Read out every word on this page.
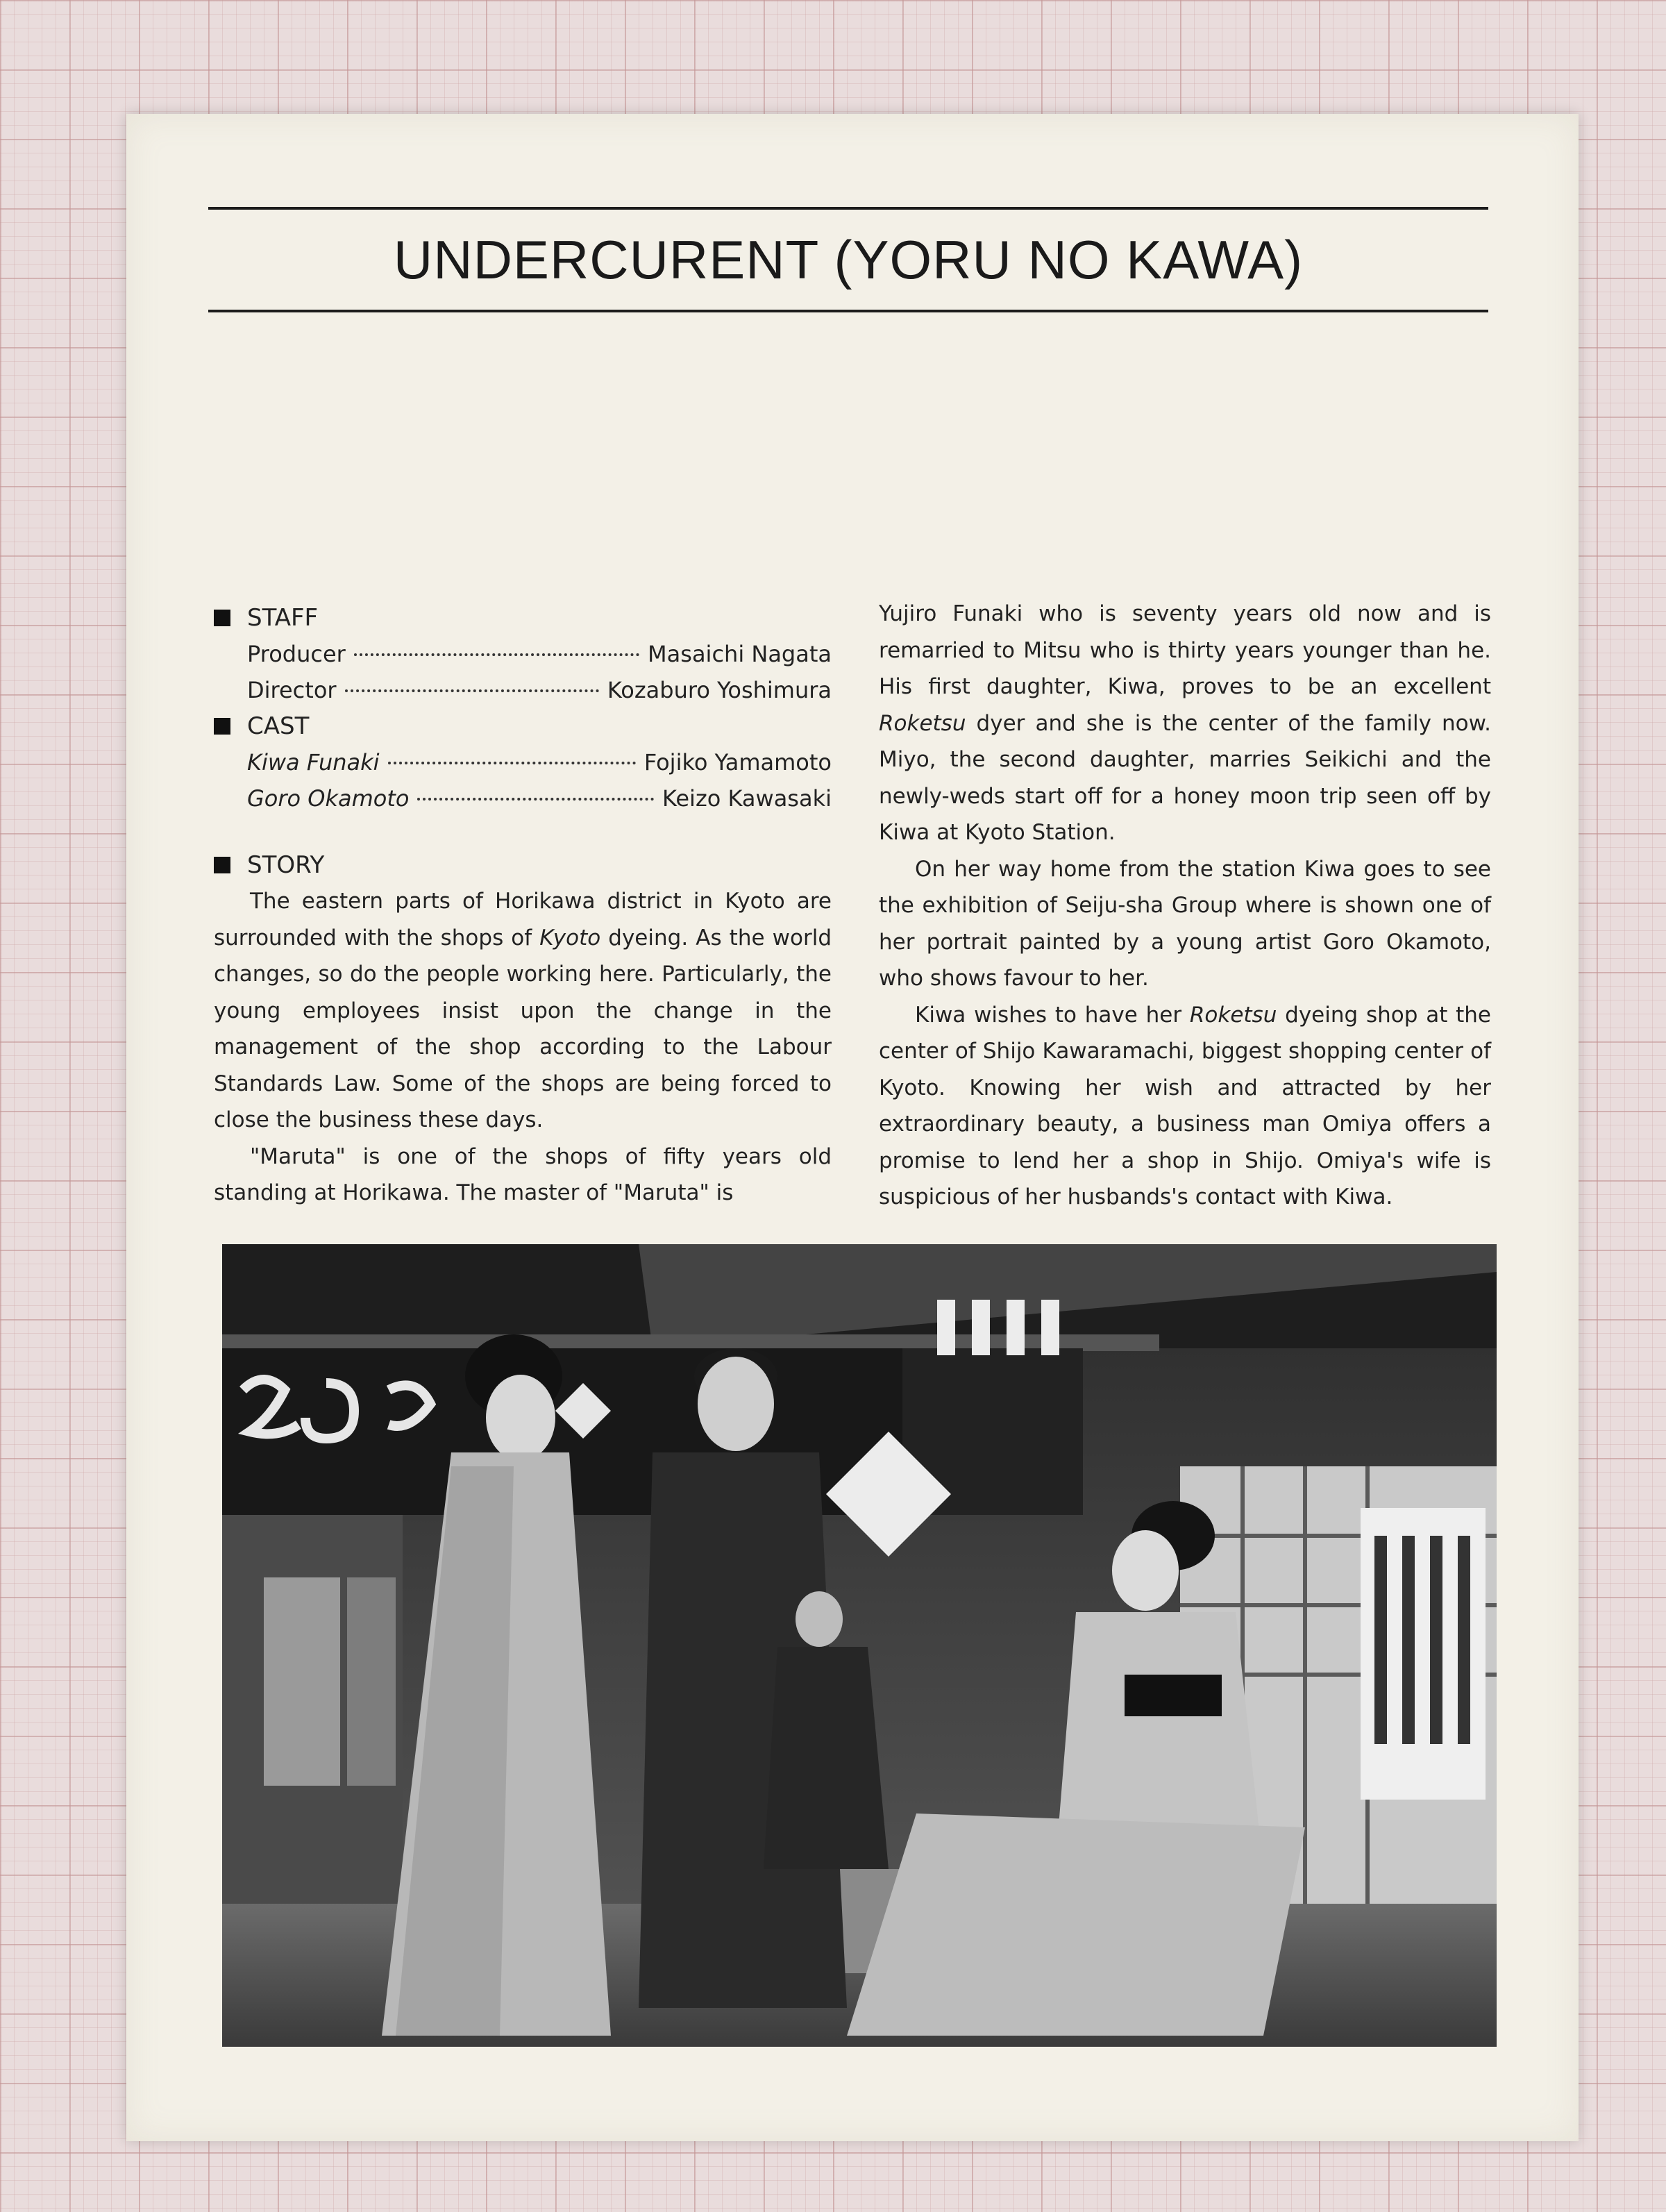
UNDERCURENT (YORU NO KAWA)
STAFF
Producer	Masaichi Nagata
Director	Kozaburo Yoshimura
CAST
Kiwa Funaki	Fojiko Yamamoto
Goro Okamoto	Keizo Kawasaki
STORY

The eastern parts of Horikawa district in Kyoto are surrounded with the shops of Kyoto dyeing. As the world changes, so do the people working here. Particularly, the young employees insist upon the change in the management of the shop according to the Labour Standards Law. Some of the shops are being forced to close the business these days.

"Maruta" is one of the shops of fifty years old standing at Horikawa. The master of "Maruta" is

Yujiro Funaki who is seventy years old now and is remarried to Mitsu who is thirty years younger than he. His first daughter, Kiwa, proves to be an excellent Roketsu dyer and she is the center of the family now. Miyo, the second daughter, marries Seikichi and the newly-weds start off for a honey moon trip seen off by Kiwa at Kyoto Station.

On her way home from the station Kiwa goes to see the exhibition of Seiju-sha Group where is shown one of her portrait painted by a young artist Goro Okamoto, who shows favour to her.

Kiwa wishes to have her Roketsu dyeing shop at the center of Shijo Kawaramachi, biggest shopping center of Kyoto. Knowing her wish and attracted by her extraordinary beauty, a business man Omiya offers a promise to lend her a shop in Shijo. Omiya's wife is suspicious of her husbands's contact with Kiwa.
